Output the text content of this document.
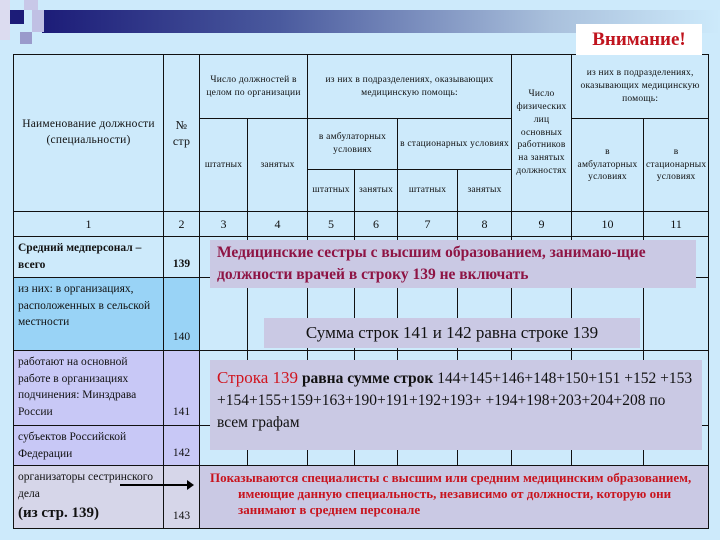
Наименование должности (специальности)	№ стр	Число должностей в целом по организации		из них в подразделениях, оказывающих медицинскую помощь:				Число физических лиц основных работников на занятых должностях	из них в подразделениях, оказывающих медицинскую помощь:	
		штатных	занятых	в амбулаторных условиях		в стационарных условиях			в амбулаторных условиях	в стационарных условиях
				штатных	занятых	штатных	занятых			
1	2	3	4	5	6	7	8	9	10	11
Средний медперсонал – всего	139									
из них: в организациях, расположенных в сельской местности	140									
работают на основной работе в организациях подчинения: Минздрава России	141									
субъектов Российской Федерации	142									
организаторы сестринского дела
(из стр. 139)	143									
Внимание!
Медицинские сестры с высшим образованием, занимаю-щие должности врачей в строку 139 не включать
Сумма строк 141 и 142 равна строке 139
Строка 139 равна сумме строк 144+145+146+148+150+151 +152 +153 +154+155+159+163+190+191+192+193+ +194+198+203+204+208 по всем графам
Показываются специалисты с высшим или средним медицинским образованием, имеющие данную специальность, независимо от должности, которую они занимают в среднем персонале
